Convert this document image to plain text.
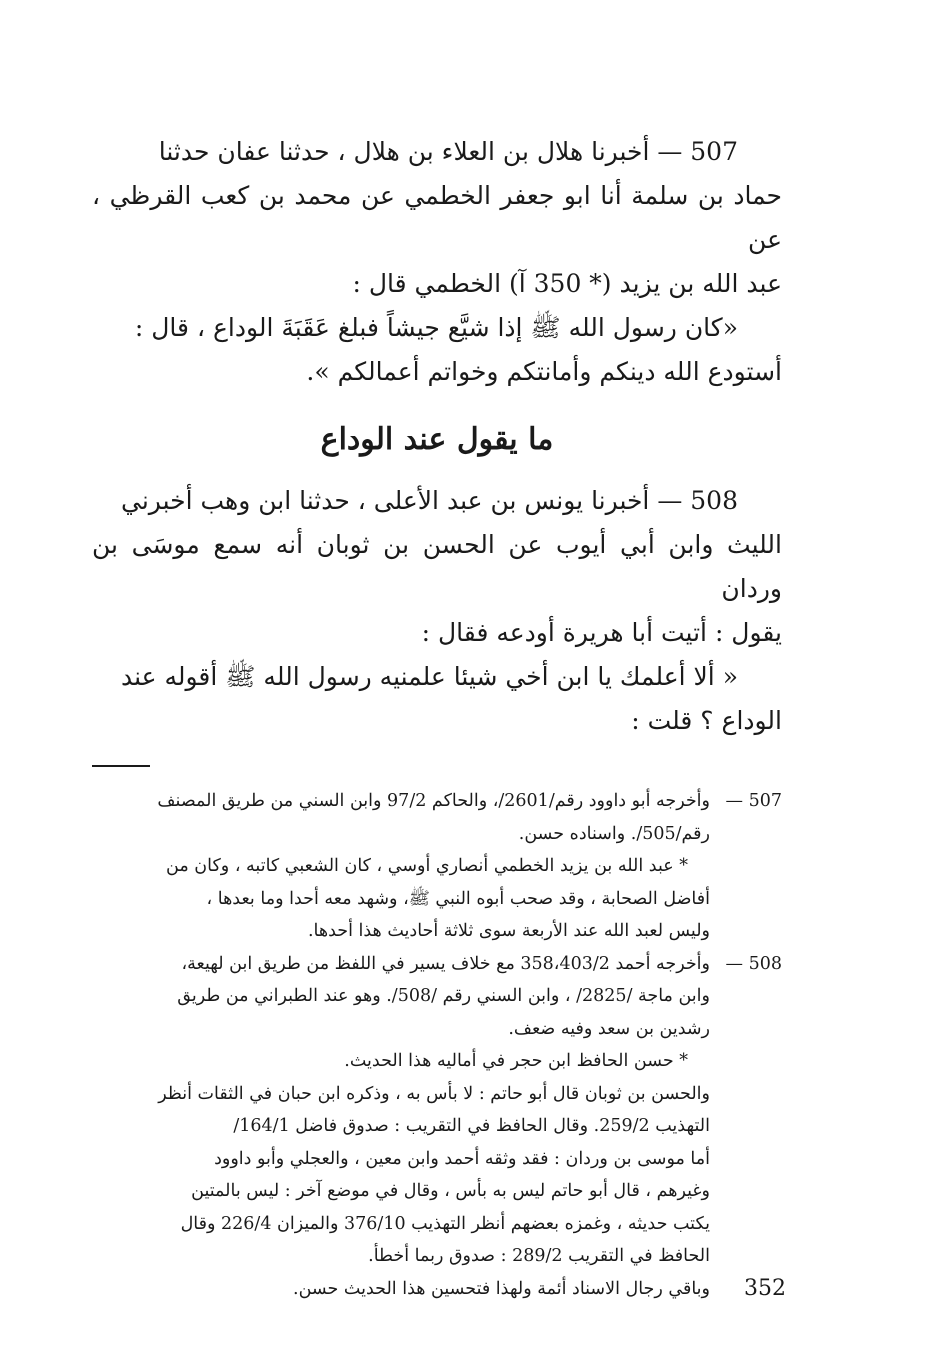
507 — أخبرنا هلال بن العلاء بن هلال ، حدثنا عفان حدثنا

حماد بن سلمة أنا ابو جعفر الخطمي عن محمد بن كعب القرظي ، عن

عبد الله بن يزيد (* 350 آ) الخطمي قال :

«كان رسول الله ﷺ إذا شيَّع جيشاً فبلغ عَقَبَةَ الوداع ، قال :

أستودع الله دينكم وأمانتكم وخواتم أعمالكم ».

ما يقول عند الوداع

508 — أخبرنا يونس بن عبد الأعلى ، حدثنا ابن وهب أخبرني

الليث وابن أبي أيوب عن الحسن بن ثوبان أنه سمع موسَى بن وردان

يقول : أتيت أبا هريرة أودعه فقال :

« ألا أعلمك يا ابن أخي شيئا علمنيه رسول الله ﷺ أقوله عند

الوداع ؟ قلت :

507 —

وأخرجه أبو داوود رقم/2601/، والحاكم 97/2 وابن السني من طريق المصنف

رقم/505/. واسناده حسن.

* عبد الله بن يزيد الخطمي أنصاري أوسي ، كان الشعبي كاتبه ، وكان من

أفاضل الصحابة ، وقد صحب أبوه النبي ﷺ، وشهد معه أحدا وما بعدها ،

وليس لعبد الله عند الأربعة سوى ثلاثة أحاديث هذا أحدها.

508 —

وأخرجه أحمد 358،403/2 مع خلاف يسير في اللفظ من طريق ابن لهيعة،

وابن ماجة /2825/ ، وابن السني رقم /508/. وهو عند الطبراني من طريق

رشدين بن سعد وفيه ضعف.

* حسن الحافظ ابن حجر في أماليه هذا الحديث.

والحسن بن ثوبان قال أبو حاتم : لا بأس به ، وذكره ابن حبان في الثقات أنظر

التهذيب 259/2. وقال الحافظ في التقريب : صدوق فاضل 164/1/

أما موسى بن وردان : فقد وثقه أحمد وابن معين ، والعجلي وأبو داوود

وغيرهم ، قال أبو حاتم ليس به بأس ، وقال في موضع آخر : ليس بالمتين

يكتب حديثه ، وغمزه بعضهم أنظر التهذيب 376/10 والميزان 226/4 وقال

الحافظ في التقريب 289/2 : صدوق ربما أخطأ.

وباقي رجال الاسناد أئمة ولهذا فتحسين هذا الحديث حسن.	352
